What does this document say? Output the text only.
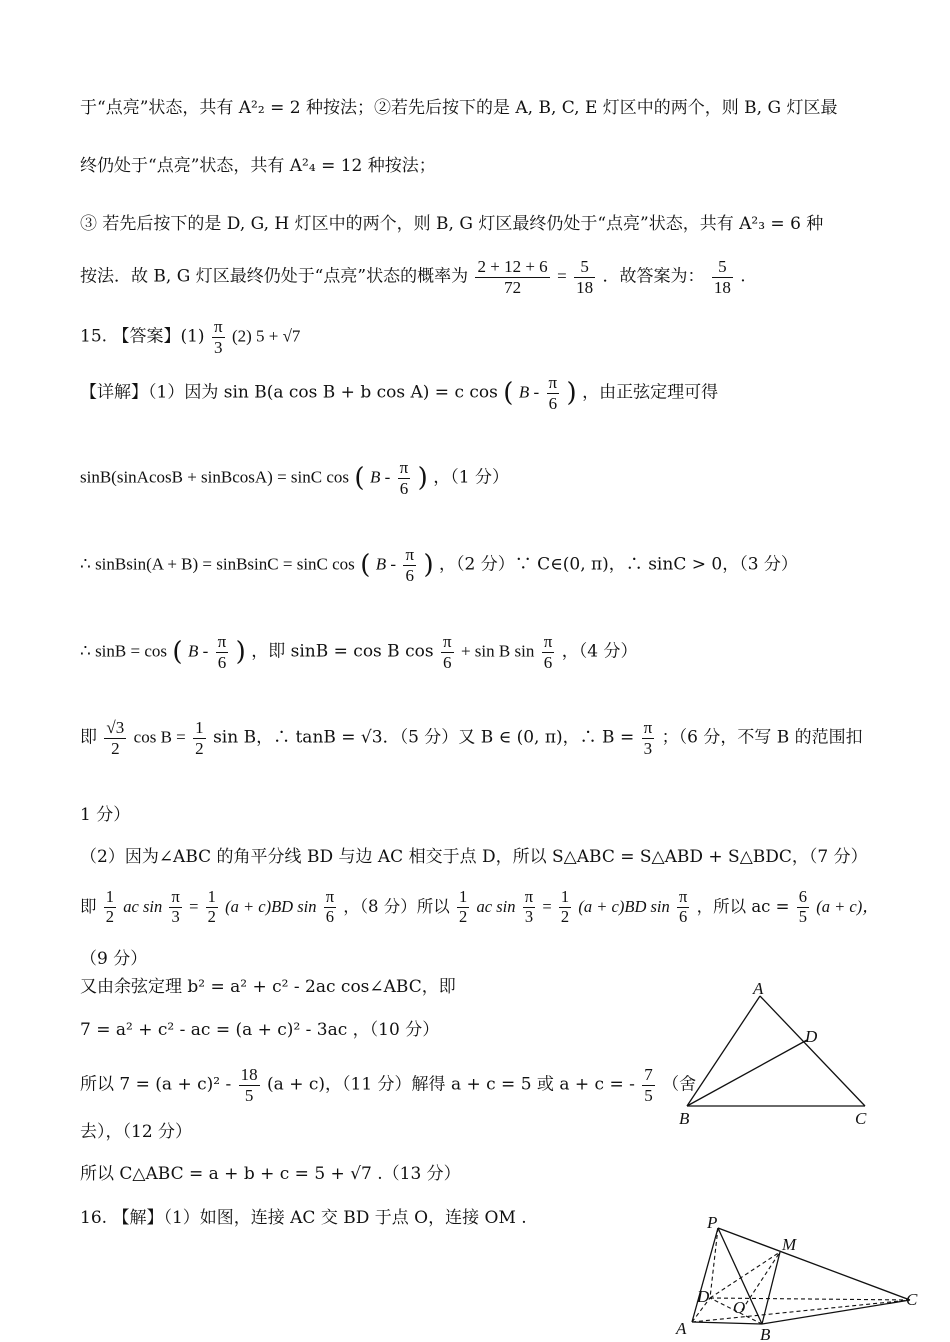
于“点亮”状态，共有 A²₂ = 2 种按法；②若先后按下的是 A, B, C, E 灯区中的两个，则 B, G 灯区最
终仍处于“点亮”状态，共有 A²₄ = 12 种按法；
③ 若先后按下的是 D, G, H 灯区中的两个，则 B, G 灯区最终仍处于“点亮”状态，共有 A²₃ = 6 种
按法．故 B, G 灯区最终仍处于“点亮”状态的概率为 $\frac{2 + 12 + 6}{72} = \frac{5}{18}$ ．故答案为： $\frac{5}{18}$ .
15. 【答案】$(1) \frac{\pi}{3} (2) 5 + √7$
【详解】（1）因为 sin B(a cos B + b cos A) = c cos ( B - $\frac{\pi}{6}$ ) ，由正弦定理可得
sinB(sinAcosB + sinBcosA) = sinC cos ( B - $\frac{\pi}{6}$ ) ，（1 分）
∴ sinBsin(A + B) = sinBsinC = sinC cos ( B - $\frac{\pi}{6}$ ) ，（2 分）∵ C∈(0, π)，∴ sinC > 0，（3 分）
∴ sinB = cos ( B - $\frac{\pi}{6}$ ) ，即 sinB = cos B $\cos \frac{\pi}{6} + \sin B$ $\sin \frac{\pi}{6}$ ，（4 分）
即 $\frac{√3}{2}$ $\cos B = \frac{1}{2}$ sin B，∴ tanB = √3．（5 分）又 B ∈ (0, π)，∴ $B = \frac{\pi}{3}$ ；（6 分，不写 B 的范围扣
1 分）
（2）因为∠ABC 的角平分线 BD 与边 AC 相交于点 D，所以 S△ABC = S△ABD + S△BDC，（7 分）
即 $\frac{1}{2}$ ac $\sin \frac{\pi}{3} = \frac{1}{2} (a + c)BD$ $\sin \frac{\pi}{6}$ ，（8 分）所以 $\frac{1}{2}$ ac $\sin \frac{\pi}{3} = \frac{1}{2} (a + c)BD$ $\sin \frac{\pi}{6}$ ，所以 ac = $\frac{6}{5} (a + c)$，
（9 分）
又由余弦定理 b² = a² + c² - 2ac cos∠ABC，即
7 = a² + c² - ac = (a + c)² - 3ac ，（10 分）
所以 $7 = (a + c)^2 - \frac{18}{5} (a + c)$，（11 分）解得 a + c = 5 或 a + c = - $\frac{7}{5}$ （舍
去），（12 分）
所以 C△ABC = a + b + c = 5 + √7 .（13 分）
16. 【解】（1）如图，连接 AC 交 BD 于点 O，连接 OM .
A
D
B	C
P
M
D
O
A	B
C
